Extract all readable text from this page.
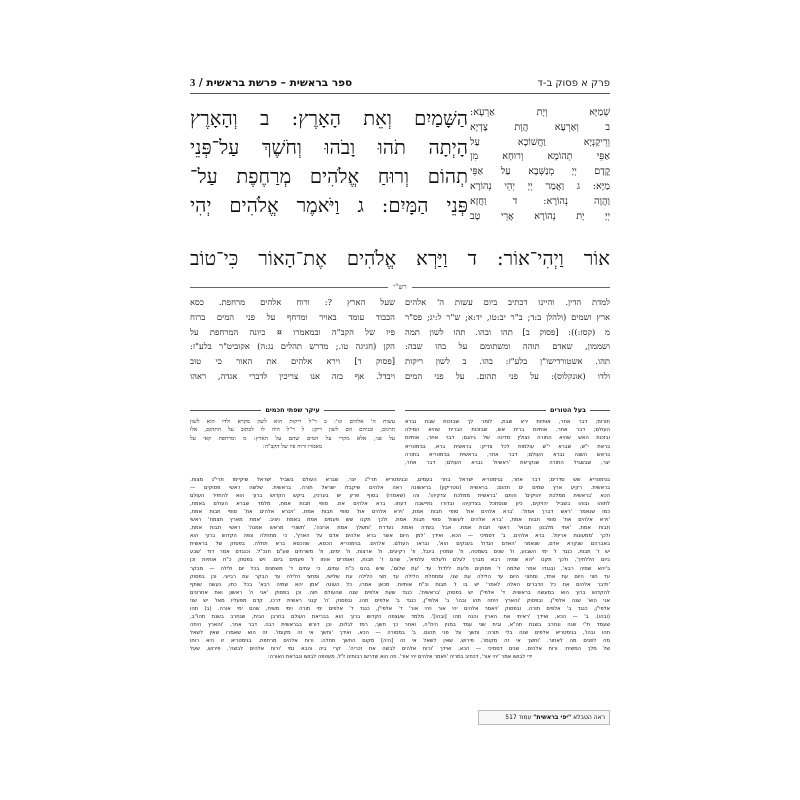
פרק א פסוק ב-ד
ספר בראשית – פרשת בראשית / 3
שְׁמַיָּא וְיָת אַרְעָא:
ב וְאַרְעָא הֲוָת צָדְיָא
וְרֵיקַנְיָא וַחֲשׁוֹכָא עַל
אַפֵּי תְהוֹמָא וְרוּחָא מִן
קֳדָם יְיָ מְנַשְּׁבָא עַל אַפֵּי
מַיָּא: ג וַאֲמַר יְיָ יְהֵי נְהוֹרָא
וַהֲוָה נְהוֹרָא: ד וַחֲזָא
יְיָ יָת נְהוֹרָא אֲרֵי טָב
הַשָּׁמַיִם וְאֵת הָאָרֶץ: ב וְהָאָרֶץ
הָיְתָה תֹהוּ וָבֹהוּ וְחֹשֶׁךְ עַל־פְּנֵי
תְהוֹם וְרוּחַ אֱלֹהִים מְרַחֶפֶת עַל־
פְּנֵי הַמָּיִם: ג וַיֹּאמֶר אֱלֹהִים יְהִי
אוֹר וַיְהִי־אוֹר: ד וַיַּרְא אֱלֹהִים אֶת־הָאוֹר כִּי־טוֹב
רש"י
למדת הדין. והיינו דכתיב ביום עשות ה' אלהים
ארץ ושמים (ולהלן ב:ד; ב"ר יב:טו, יד:א; ש"ר ל:יג; פס"ר
מ (קסז:)): [פסוק ב] תהו ובהו. תהו לשון תמה
ושממון, שאדם תוהה ומשתומם על בהו שבה:
תהו. אשטורדישו"ן בלע"ז: בהו. ב לשון ריקות
ולדו (אונקלוס): על פני תהום. על פני המים
שעל הארץ ?: ורוח אלהים מרחפת. כסא
הכבוד עומד באויר ומרחף על פני המים ברוח
פיו של הקב"ה ובמאמרו ¤ כיונה המרחפת על
הקן (חגיגה טו.; מדרש תהלים נג:ה) אקוביט"ר בלע"ז:
[פסוק ד] וירא אלהים את האור כי טוב
ויבדל. אף בזה אנו צריכין לדברי אגדה, ראהו
בעל הטורים
עיקר שפתי חכמים
תורות; דבר אחר, אותיות ירא שבת, לומר לך שבזכות שבת נברא
העולם; דבר אחר, אותיות ברית אש, שבזכות הברית שהיא המילה
ובזכות האש שהיא התורה נצולין מדינה של גיהנם; דבר אחר, אותיות
בראת י"ש, שברא י"ש עולמות לכל צדיק: בראשית ברא, בגימטריא
בראש השנה נברא העולם; דבר אחר, בראשית בגימטריא בתורה
יצר, שבשביל התורה שנקראת 'ראשית' נברא העולם; דבר אחר,
עשות ה' אלהים וגו': ב ר"ל ריקות הוא לשון מקרא ולדו הוא לשון
תרגום, ובניהם הם לשון ריקן: ל ר"ל היה לו לכתוב על התהום, אלו
על פני, אלא מקרי על המים שהם על הארץ: מ ומרחפת קאי על
מאמרו ורוח פיו של הקב"ה:
בגימטריא שש סדרים; דבר אחר, בגימטריא ישראל בחר בעמים, ובגימטריא תרי"ג יצר, שברא העולם בשביל ישראל שיקיימו תרי"ג מצות.
בראשית. רקיע ארץ שמים ים תהום; בראשית (נוטריקון) בראשונה ראה אלהים שיקבלו ישראל תורה. בראשית. שלשה ראשי פסוקים —
הכא 'בראשית ממלכת יהויקים' והתם 'בראשית ממלכת צדקיהו'. והו (שאמרו) בסוף פרק יש בערכין, ביקש הקדוש ברוך הוא להחזיר העולם
לתוהו ובוהו בשביל יהויקים, כיון שנסתכל בצדקיהו ובדורו נתיישבה דעתו. ברא אלהים את. סופי תבות אמת, מלמד שברא העולם באמת,
כמו שנאמר 'ראש דברך אמת': 'ברא אלהים את' סופי תבות אמת, 'וירא אלהים את' סופי תבות אמת, 'ויברא אלהים את' סופי תבות אמת,
'וירא אלהים את' סופי תבות אמת, 'ברא אלהים לעשות' סופי תבות אמת. ולכך תקנו שש פעמים אמת באמת ויציב. 'אמת מארץ תצמח' ראשי
תבות אמת, 'אתי מלבנון תבואי' ראשי תבות אמת. אבל בשדה ואמת נעדרת 'ותשלך אמת ארצה', 'תשורי מראש אמנה' ראשי תבות אמת,
ולכך 'ממעונות אריות'. ברא אלהים. ב' דסמיכי — הכא, ואידך 'למן היום אשר ברא אלהים אדם על הארץ', כי מתחלה צפה הקדוש ברוך הוא
באברהם שנקרא אדם, שנאמר 'האדם הגדול בענקים הוא', ובראו העולם. אלהים. בגימטריא הכסא, שהכסא ברא תחלה. בפסוק של בראשית
יש ז' תבות, כנגד ז' ימי השבוע, וז' שנים בשמטה, וז' שמטין ביובל, וז' רקיעים, וז' ארצות, וז' ימים, וז' משרתים שע"ם חנכ"ל. וכנגדם אמר דוד 'שבע
ביום הללתיך', ולכך תקנו 'יהא שמיה רבא מברך לעלם ולעלמי עלמיא', שהם ז' תבות, ואומרים אותו ז' פעמים ביום. ויש בפסוק כ"ח אותיות וכן
ב'יהא שמיה רבא', ובנגדו אמר שלמה ז' פסוקים מ'עת ללדת' עד 'עת שלום', שיש בהם כ"ח עתים, כי עתים ד' משתנים בכל יום ולילה — מבקר
עד חצי היום עת אחד, ומחצי היום עד הלילה עת שני, ומתחלת הלילה עד חצי הלילה עת שלישי, ומחצי הלילה עד הבקר עת רביעי. וכן בפסוק
'וידבר אלהים את כל הדברים האלה לאמר' יש בו ז' תבות וכ"ח אותיות. מכאן אמרו, כל העונה 'אמן יהא שמיה רבא' בכל כחו, נעשה שותף
להקדוש ברוך הוא במעשה בראשית. ד' אלפי"ן יש בפסוק 'בראשית', כנגד שעת אלפים שנה שהעולם חוה. וכן בפסוק 'אני ה' ראשון ואת אחרונים
אני הוא' שנה אלפי"ן. ובפסוק 'והארץ היתה תהו ובהו' ב' אלפי"ן, כנגד ב' אלפים תהו. ובפסוק 'ה' קנני ראשית דרכו, קדם מפעליו מאז' יש שני
אלפי"ן, כנגד ב' אלפים תורה. ובפסוק 'ויאמר אלהים יהי אור ויהי אור' ד' אלפי"ן, כנגד ד' אלפים ימי תורה וימי משיח, שהם ימי אורה. (ב) תהו
(ובהו). ב' — הכא, ואידך 'ראיתי את הארץ והנה תהו [ובהו]'. מלמד שעצפה הקדוש ברוך הוא בבריאת העולם בחרבן הבית, שנחרב בשנת תהו"ב,
שעמד ת"י שנה ונחרב בשנת תה"א, ובית שני עמד במנין היח"ה, ואחר כך חשך, רמז לגלות, וכן דורש בבראשית רבה. דבר אחר, 'והארץ היתה
תהו ובהו', בגימטריא אלפים שנה בלי תורה: וחשך על פני תהום. ב' במסורה — הכא, ואידך 'וחשך אי זה מקומו'. זה הוא שאמרו שאין לשאל
מה לפנים מה לאחור. 'וחשך אי זה מקומו', פירוש, שאין לשאל אי זה [היה] מקום החשך תחלה: ורוח אלהים מרחפת. בגימטריא זו היא רוחו
של מלך המשיח: ורוח אלהים. שנים דסמיכי — הכא, ואידך 'ורוח אלהים לבשה את זכריה'. קרי ביה והבא נמי 'ורוח אלהים לבשה', פירוש, שעל
ידי לבושו אמר 'יהי אור', דכתיב בתריה 'ויאמר אלהים יהי אור'. וזה הוא שדרשו רבותינו ז"ל, מעטפה לבושו ונבראת האורה:
ראה הטבלא "יפי בראשית" עמוד 517
